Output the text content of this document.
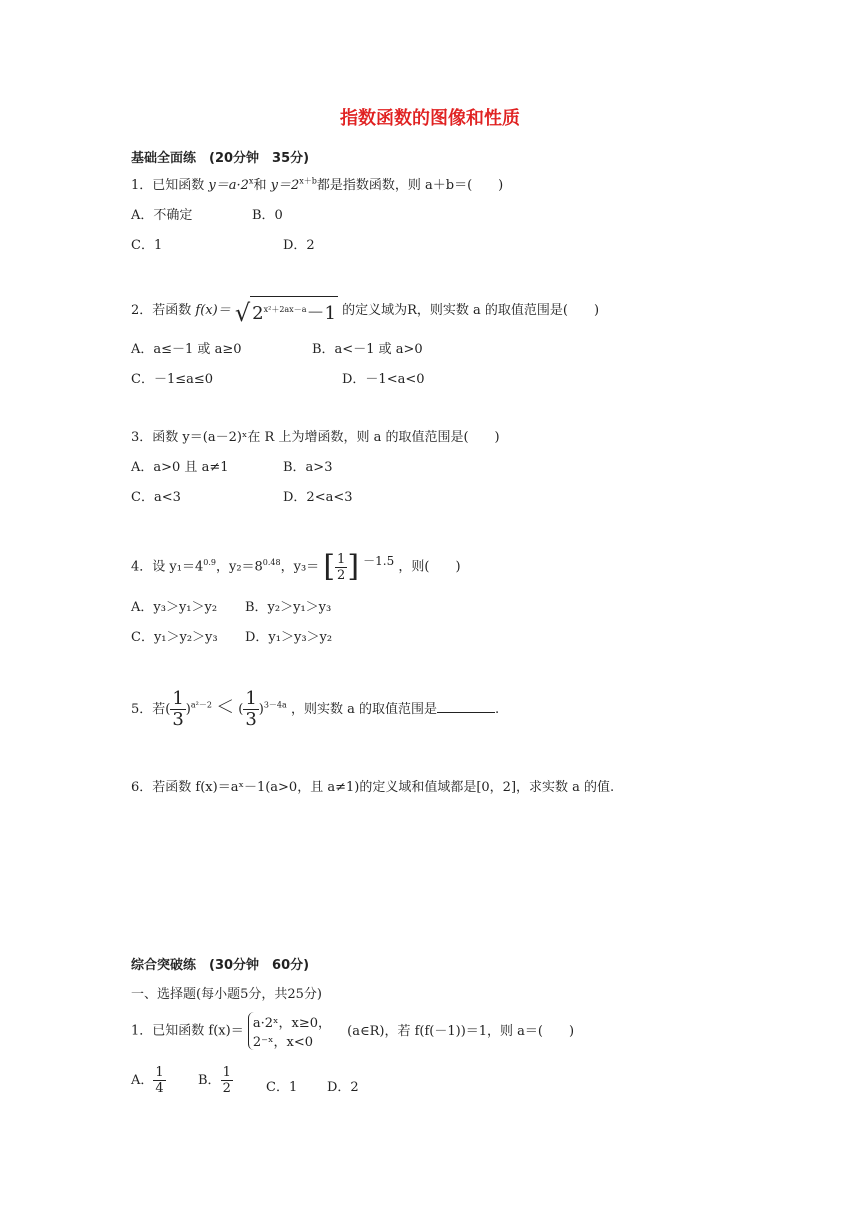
指数函数的图像和性质
基础全面练　(20分钟　35分)
1．已知函数 $y=a\cdot 2^x$和 $y=2^{x+b}$都是指数函数，则 a＋b＝(　　)
A．不确定	B．0
C．1	D．2
2．若函数 f(x)＝ √ $2^{x^2+2ax-a}-1$ 的定义域为R，则实数 a 的取值范围是(　　)
A．a≤－1 或 a≥0	B．a<－1 或 a>0
C．－1≤a≤0	D．－1<a<0
3．函数 y＝(a－2)ˣ在 R 上为增函数，则 a 的取值范围是(　　)
A．a>0 且 a≠1	B．a>3
C．a<3	D．2<a<3
4．设 $y_1=4^{0.9}$，$y_2=8^{0.48}$，y₃＝ [ $\frac{1}{2}$ ] $^{-1.5}$ ，则(　　)
A．y₃＞y₁＞y₂ B．y₂＞y₁＞y₃
C．y₁＞y₂＞y₃ D．y₁＞y₃＞y₂
5．若( $\frac{1}{3} )^{a^2-2}$ ＜ ( $\frac{1}{3} )^{3-4a}$ ，则实数 a 的取值范围是	.
6．若函数 f(x)＝aˣ－1(a>0，且 a≠1)的定义域和值域都是[0，2]，求实数 a 的值.
综合突破练　(30分钟　60分)
一、选择题(每小题5分，共25分)
1．已知函数 f(x)＝ a·2ˣ，x≥0，
2⁻ˣ，x<0
(a∈R)，若 f(f(－1))＝1，则 a＝(　　)
A． $\frac{1}{4}$ B． $\frac{1}{2}$	C．1 D．2
